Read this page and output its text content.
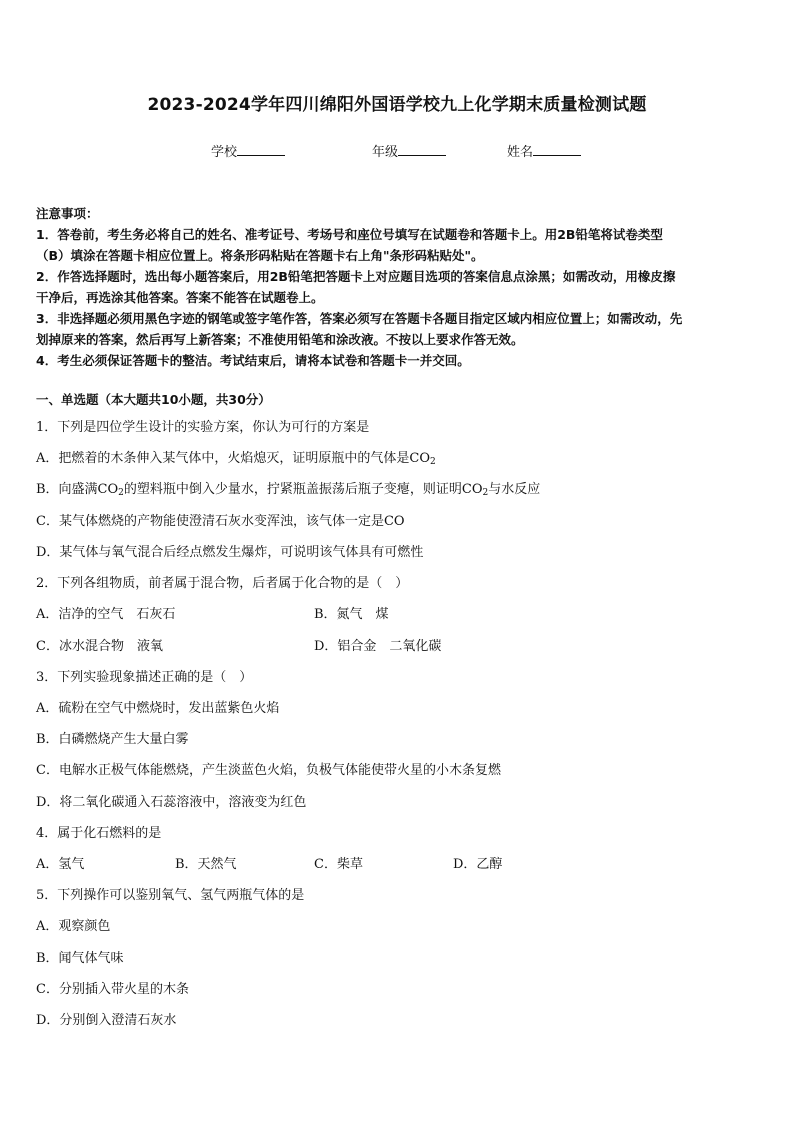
2023-2024学年四川绵阳外国语学校九上化学期末质量检测试题
学校	年级	姓名
注意事项：
1．答卷前，考生务必将自己的姓名、准考证号、考场号和座位号填写在试题卷和答题卡上。用2B铅笔将试卷类型
（B）填涂在答题卡相应位置上。将条形码粘贴在答题卡右上角"条形码粘贴处"。
2．作答选择题时，选出每小题答案后，用2B铅笔把答题卡上对应题目选项的答案信息点涂黑；如需改动，用橡皮擦
干净后，再选涂其他答案。答案不能答在试题卷上。
3．非选择题必须用黑色字迹的钢笔或签字笔作答，答案必须写在答题卡各题目指定区域内相应位置上；如需改动，先
划掉原来的答案，然后再写上新答案；不准使用铅笔和涂改液。不按以上要求作答无效。
4．考生必须保证答题卡的整洁。考试结束后，请将本试卷和答题卡一并交回。
一、单选题（本大题共10小题，共30分）
1．下列是四位学生设计的实验方案，你认为可行的方案是
A．把燃着的木条伸入某气体中，火焰熄灭，证明原瓶中的气体是$CO_2$
B．向盛满$CO_2$的塑料瓶中倒入少量水，拧紧瓶盖振荡后瓶子变瘪，则证明$CO_2$与水反应
C．某气体燃烧的产物能使澄清石灰水变浑浊，该气体一定是CO
D．某气体与氧气混合后经点燃发生爆炸，可说明该气体具有可燃性
2．下列各组物质，前者属于混合物，后者属于化合物的是（　）
A．洁净的空气　石灰石	B．氮气　煤
C．冰水混合物　液氧	D．铝合金　二氧化碳
3．下列实验现象描述正确的是（　）
A．硫粉在空气中燃烧时，发出蓝紫色火焰
B．白磷燃烧产生大量白雾
C．电解水正极气体能燃烧，产生淡蓝色火焰，负极气体能使带火星的小木条复燃
D．将二氧化碳通入石蕊溶液中，溶液变为红色
4．属于化石燃料的是
A．氢气	B．天然气	C．柴草	D．乙醇
5．下列操作可以鉴别氧气、氢气两瓶气体的是
A．观察颜色
B．闻气体气味
C．分别插入带火星的木条
D．分别倒入澄清石灰水
